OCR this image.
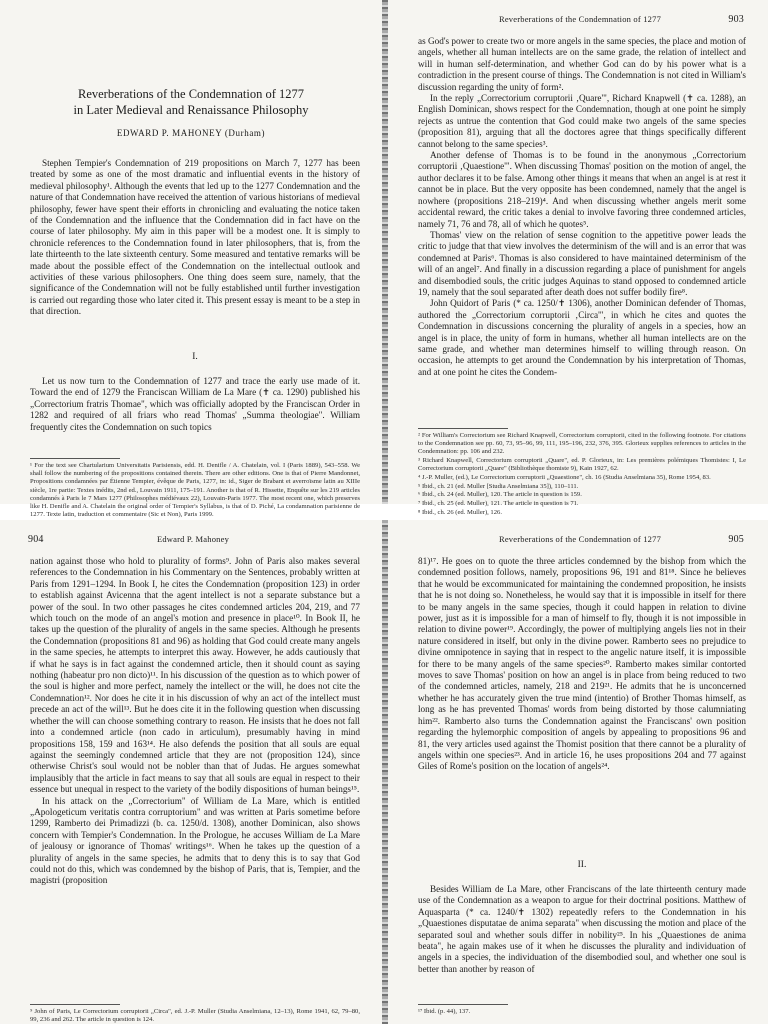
Reverberations of the Condemnation of 1277
in Later Medieval and Renaissance Philosophy
EDWARD P. MAHONEY (Durham)

Stephen Tempier's Condemnation of 219 propositions on March 7, 1277 has been treated by some as one of the most dramatic and influential events in the history of medieval philosophy¹. Although the events that led up to the 1277 Condemnation and the nature of that Condemnation have received the attention of various historians of medieval philosophy, fewer have spent their efforts in chronicling and evaluating the notice taken of the Condemnation and the influence that the Condemnation did in fact have on the course of later philosophy. My aim in this paper will be a modest one. It is simply to chronicle references to the Condemnation found in later philosophers, that is, from the late thirteenth to the late sixteenth century. Some measured and tentative remarks will be made about the possible effect of the Condemnation on the intellectual outlook and activities of these various philosophers. One thing does seem sure, namely, that the significance of the Condemnation will not be fully established until further investigation is carried out regarding those who later cited it. This present essay is meant to be a step in that direction.

I.

Let us now turn to the Condemnation of 1277 and trace the early use made of it. Toward the end of 1279 the Franciscan William de La Mare (✝ ca. 1290) published his „Correctorium fratris Thomae", which was officially adopted by the Franciscan Order in 1282 and required of all friars who read Thomas' „Summa theologiae". William frequently cites the Condemnation on such topics

¹ For the text see Chartularium Universitatis Parisiensis, edd. H. Denifle / A. Chatelain, vol. I (Paris 1889), 543–558. We shall follow the numbering of the propositions contained therein. There are other editions. One is that of Pierre Mandonnet, Propositions condamnées par Étienne Tempier, évêque de Paris, 1277, in: id., Siger de Brabant et averroïsme latin au XIIIe siècle, 1re partie: Textes inédits, 2nd ed., Louvain 1911, 175–191. Another is that of R. Hissette, Enquête sur les 219 articles condamnés à Paris le 7 Mars 1277 (Philosophes médiévaux 22), Louvain-Paris 1977. The most recent one, which preserves like H. Denifle and A. Chatelain the original order of Tempier's Syllabus, is that of D. Piché, La condamnation parisienne de 1277. Texte latin, traduction et commentaire (Sic et Non), Paris 1999.
Reverberations of the Condemnation of 1277	903

as God's power to create two or more angels in the same species, the place and motion of angels, whether all human intellects are on the same grade, the relation of intellect and will in human self-determination, and whether God can do by his power what is a contradiction in the present course of things. The Condemnation is not cited in William's discussion regarding the unity of form².

In the reply „Correctorium corruptorii ‚Quare'", Richard Knapwell (✝ ca. 1288), an English Dominican, shows respect for the Condemnation, though at one point he simply rejects as untrue the contention that God could make two angels of the same species (proposition 81), arguing that all the doctores agree that things specifically different cannot belong to the same species³.

Another defense of Thomas is to be found in the anonymous „Correctorium corruptorii ‚Quaestione'". When discussing Thomas' position on the motion of angel, the author declares it to be false. Among other things it means that when an angel is at rest it cannot be in place. But the very opposite has been condemned, namely that the angel is nowhere (propositions 218–219)⁴. And when discussing whether angels merit some accidental reward, the critic takes a denial to involve favoring three condemned articles, namely 71, 76 and 78, all of which he quotes⁵.

Thomas' view on the relation of sense cognition to the appetitive power leads the critic to judge that that view involves the determinism of the will and is an error that was condemned at Paris⁶. Thomas is also considered to have maintained determinism of the will of an angel⁷. And finally in a discussion regarding a place of punishment for angels and disembodied souls, the critic judges Aquinas to stand opposed to condemned article 19, namely that the soul separated after death does not suffer bodily fire⁸.

John Quidort of Paris (* ca. 1250/✝ 1306), another Dominican defender of Thomas, authored the „Correctorium corruptorii ‚Circa'", in which he cites and quotes the Condemnation in discussions concerning the plurality of angels in a species, how an angel is in place, the unity of form in humans, whether all human intellects are on the same grade, and whether man determines himself to willing through reason. On occasion, he attempts to get around the Condemnation by his interpretation of Thomas, and at one point he cites the Condem-

² For William's Correctorium see Richard Knapwell, Correctorium corruptorii, cited in the following footnote. For citations to the Condemnation see pp. 60, 73, 95–96, 99, 111, 195–196, 232, 376, 395. Glorieux supplies references to articles in the Condemnation: pp. 106 and 232.
³ Richard Knapwell, Correctorium corruptorii „Quare", ed. P. Glorieux, in: Les premières polémiques Thomistes: I, Le Correctorium corruptorii „Quare" (Bibliothèque thomiste 9), Kain 1927, 62.
⁴ J.-P. Muller, (ed.), Le Correctorium corruptorii „Quaestione", ch. 16 (Studia Anselmiana 35), Rome 1954, 83.
⁵ Ibid., ch. 21 (ed. Muller [Studia Anselmiana 35]), 110–111.
⁶ Ibid., ch. 24 (ed. Muller), 120. The article in question is 159.
⁷ Ibid., ch. 25 (ed. Muller), 121. The article in question is 71.
⁸ Ibid., ch. 26 (ed. Muller), 126.
904	Edward P. Mahoney

nation against those who hold to plurality of forms⁹. John of Paris also makes several references to the Condemnation in his Commentary on the Sentences, probably written at Paris from 1291–1294. In Book I, he cites the Condemnation (proposition 123) in order to establish against Avicenna that the agent intellect is not a separate substance but a power of the soul. In two other passages he cites condemned articles 204, 219, and 77 which touch on the mode of an angel's motion and presence in place¹⁰. In Book II, he takes up the question of the plurality of angels in the same species. Although he presents the Condemnation (propositions 81 and 96) as holding that God could create many angels in the same species, he attempts to interpret this away. However, he adds cautiously that if what he says is in fact against the condemned article, then it should count as saying nothing (habeatur pro non dicto)¹¹. In his discussion of the question as to which power of the soul is higher and more perfect, namely the intellect or the will, he does not cite the Condemnation¹². Nor does he cite it in his discussion of why an act of the intellect must precede an act of the will¹³. But he does cite it in the following question when discussing whether the will can choose something contrary to reason. He insists that he does not fall into a condemned article (non cado in articulum), presumably having in mind propositions 158, 159 and 163¹⁴. He also defends the position that all souls are equal against the seemingly condemned article that they are not (proposition 124), since otherwise Christ's soul would not be nobler than that of Judas. He argues somewhat implausibly that the article in fact means to say that all souls are equal in respect to their essence but unequal in respect to the variety of the bodily dispositions of human beings¹⁵.

In his attack on the „Correctorium" of William de La Mare, which is entitled „Apologeticum veritatis contra corruptorium" and was written at Paris sometime before 1299, Rambertо dei Primadizzi (b. ca. 1250/d. 1308), another Dominican, also shows concern with Tempier's Condemnation. In the Prologue, he accuses William de La Mare of jealousy or ignorance of Thomas' writings¹⁶. When he takes up the question of a plurality of angels in the same species, he admits that to deny this is to say that God could not do this, which was condemned by the bishop of Paris, that is, Tempier, and the magistri (proposition

⁹ John of Paris, Le Correctorium corruptorii „Circa", ed. J.-P. Muller (Studia Anselmiana, 12–13), Rome 1941, 62, 79–80, 99, 236 and 262. The article in question is 124.
Reverberations of the Condemnation of 1277	905

81)¹⁷. He goes on to quote the three articles condemned by the bishop from which the condemned position follows, namely, propositions 96, 191 and 81¹⁸. Since he believes that he would be excommunicated for maintaining the condemned proposition, he insists that he is not doing so. Nonetheless, he would say that it is impossible in itself for there to be many angels in the same species, though it could happen in relation to divine power, just as it is impossible for a man of himself to fly, though it is not impossible in relation to divine power¹⁹. Accordingly, the power of multiplying angels lies not in their nature considered in itself, but only in the divine power. Ramberto sees no prejudice to divine omnipotence in saying that in respect to the angelic nature itself, it is impossible for there to be many angels of the same species²⁰. Ramberto makes similar contorted moves to save Thomas' position on how an angel is in place from being reduced to two of the condemned articles, namely, 218 and 219²¹. He admits that he is unconcerned whether he has accurately given the true mind (intentio) of Brother Thomas himself, as long as he has prevented Thomas' words from being distorted by those calumniating him²². Ramberto also turns the Condemnation against the Franciscans' own position regarding the hylemorphic composition of angels by appealing to propositions 96 and 81, the very articles used against the Thomist position that there cannot be a plurality of angels within one species²³. And in article 16, he uses propositions 204 and 77 against Giles of Rome's position on the location of angels²⁴.

II.

Besides William de La Mare, other Franciscans of the late thirteenth century made use of the Condemnation as a weapon to argue for their doctrinal positions. Matthew of Aquasparta (* ca. 1240/✝ 1302) repeatedly refers to the Condemnation in his „Quaestiones disputatae de anima separata" when discussing the motion and place of the separated soul and whether souls differ in nobility²⁵. In his „Quaestiones de anima beata", he again makes use of it when he discusses the plurality and individuation of angels in a species, the individuation of the disembodied soul, and whether one soul is better than another by reason of

¹⁷ Ibid. (p. 44), 137.
